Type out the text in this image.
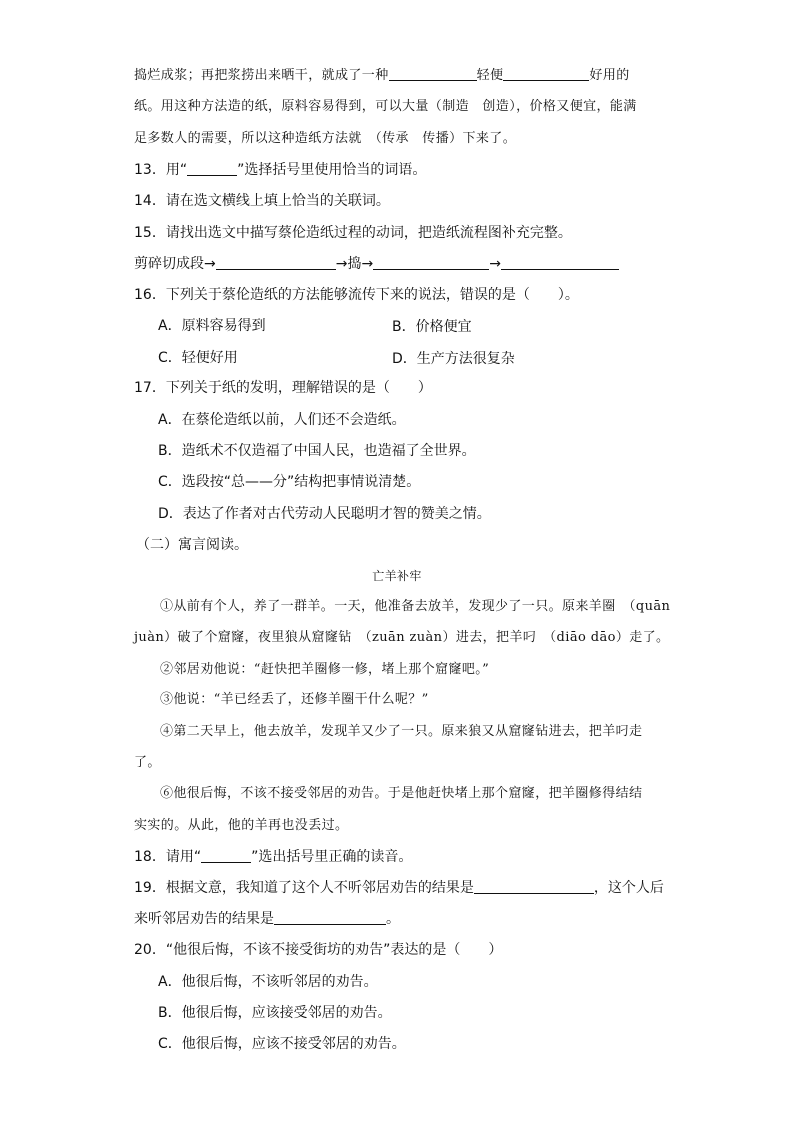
捣烂成浆；再把浆捞出来晒干，就成了一种	轻便	好用的
纸。用这种方法造的纸，原料容易得到，可以大量（制造　创造），价格又便宜，能满
足多数人的需要，所以这种造纸方法就　（传承　传播）下来了。
13．用“	”选择括号里使用恰当的词语。
14．请在选文横线上填上恰当的关联词。
15．请找出选文中描写蔡伦造纸过程的动词，把造纸流程图补充完整。
剪碎切成段→	→捣→	→
16．下列关于蔡伦造纸的方法能够流传下来的说法，错误的是（　　）。
A．原料容易得到	B．价格便宜
C．轻便好用	D．生产方法很复杂
17．下列关于纸的发明，理解错误的是（　　）
A．在蔡伦造纸以前，人们还不会造纸。
B．造纸术不仅造福了中国人民，也造福了全世界。
C．选段按“总——分”结构把事情说清楚。
D．表达了作者对古代劳动人民聪明才智的赞美之情。
（二）寓言阅读。
亡羊补牢
①从前有个人，养了一群羊。一天，他准备去放羊，发现少了一只。原来羊圈　（quān
juàn）破了个窟窿，夜里狼从窟窿钻　（zuān zuàn）进去，把羊叼　（diāo dāo）走了。
②邻居劝他说：“赶快把羊圈修一修，堵上那个窟窿吧。”
③他说：“羊已经丢了，还修羊圈干什么呢？”
④第二天早上，他去放羊，发现羊又少了一只。原来狼又从窟窿钻进去，把羊叼走
了。
⑥他很后悔，不该不接受邻居的劝告。于是他赶快堵上那个窟窿，把羊圈修得结结
实实的。从此，他的羊再也没丢过。
18．请用“	”选出括号里正确的读音。
19．根据文意，我知道了这个人不听邻居劝告的结果是	，这个人后
来听邻居劝告的结果是	。
20．“他很后悔，不该不接受街坊的劝告”表达的是（　　）
A．他很后悔，不该听邻居的劝告。
B．他很后悔，应该接受邻居的劝告。
C．他很后悔，应该不接受邻居的劝告。
